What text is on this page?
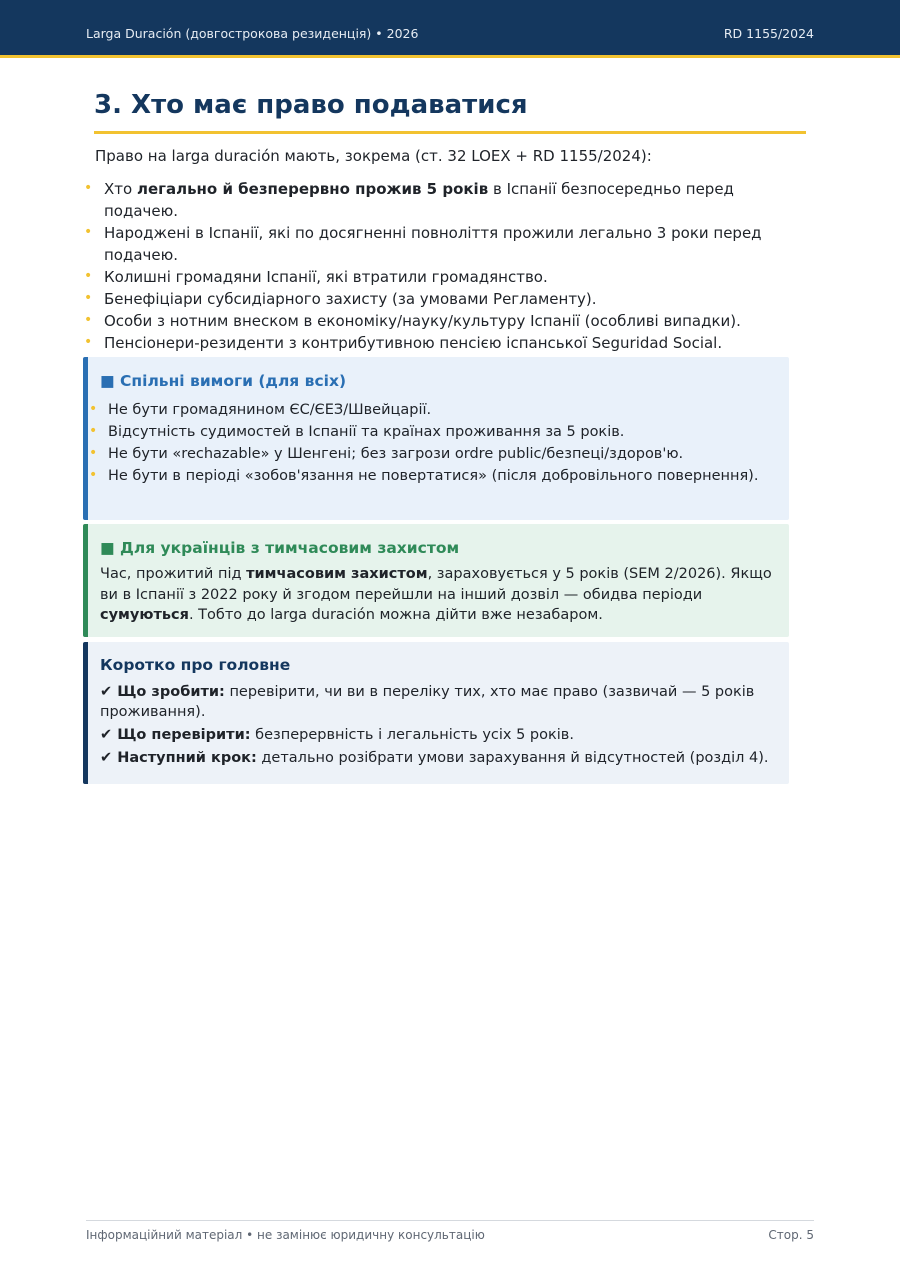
Larga Duración (довгострокова резиденція) • 2026	RD 1155/2024
3. Хто має право подаватися
Право на larga duración мають, зокрема (ст. 32 LOEX + RD 1155/2024):
• Хто легально й безперервно прожив 5 років в Іспанії безпосередньо перед подачею.
• Народжені в Іспанії, які по досягненні повноліття прожили легально 3 роки перед подачею.
• Колишні громадяни Іспанії, які втратили громадянство.
• Бенефіціари субсидіарного захисту (за умовами Регламенту).
• Особи з нотним внеском в економіку/науку/культуру Іспанії (особливі випадки).
• Пенсіонери-резиденти з контрибутивною пенсією іспанської Seguridad Social.
■ Спільні вимоги (для всіх)
• Не бути громадянином ЄС/ЄЕЗ/Швейцарії.
• Відсутність судимостей в Іспанії та країнах проживання за 5 років.
• Не бути «rechazable» у Шенгені; без загрози ordre public/безпеці/здоров'ю.
• Не бути в періоді «зобов'язання не повертатися» (після добровільного повернення).
■ Для українців з тимчасовим захистом
Час, прожитий під тимчасовим захистом, зараховується у 5 років (SEM 2/2026). Якщо ви в Іспанії з 2022 року й згодом перейшли на інший дозвіл — обидва періоди сумуються. Тобто до larga duración можна дійти вже незабаром.
Коротко про головне
✔ Що зробити: перевірити, чи ви в переліку тих, хто має право (зазвичай — 5 років проживання).
✔ Що перевірити: безперервність і легальність усіх 5 років.
✔ Наступний крок: детально розібрати умови зарахування й відсутностей (розділ 4).
Інформаційний матеріал • не замінює юридичну консультацію	Стор. 5
